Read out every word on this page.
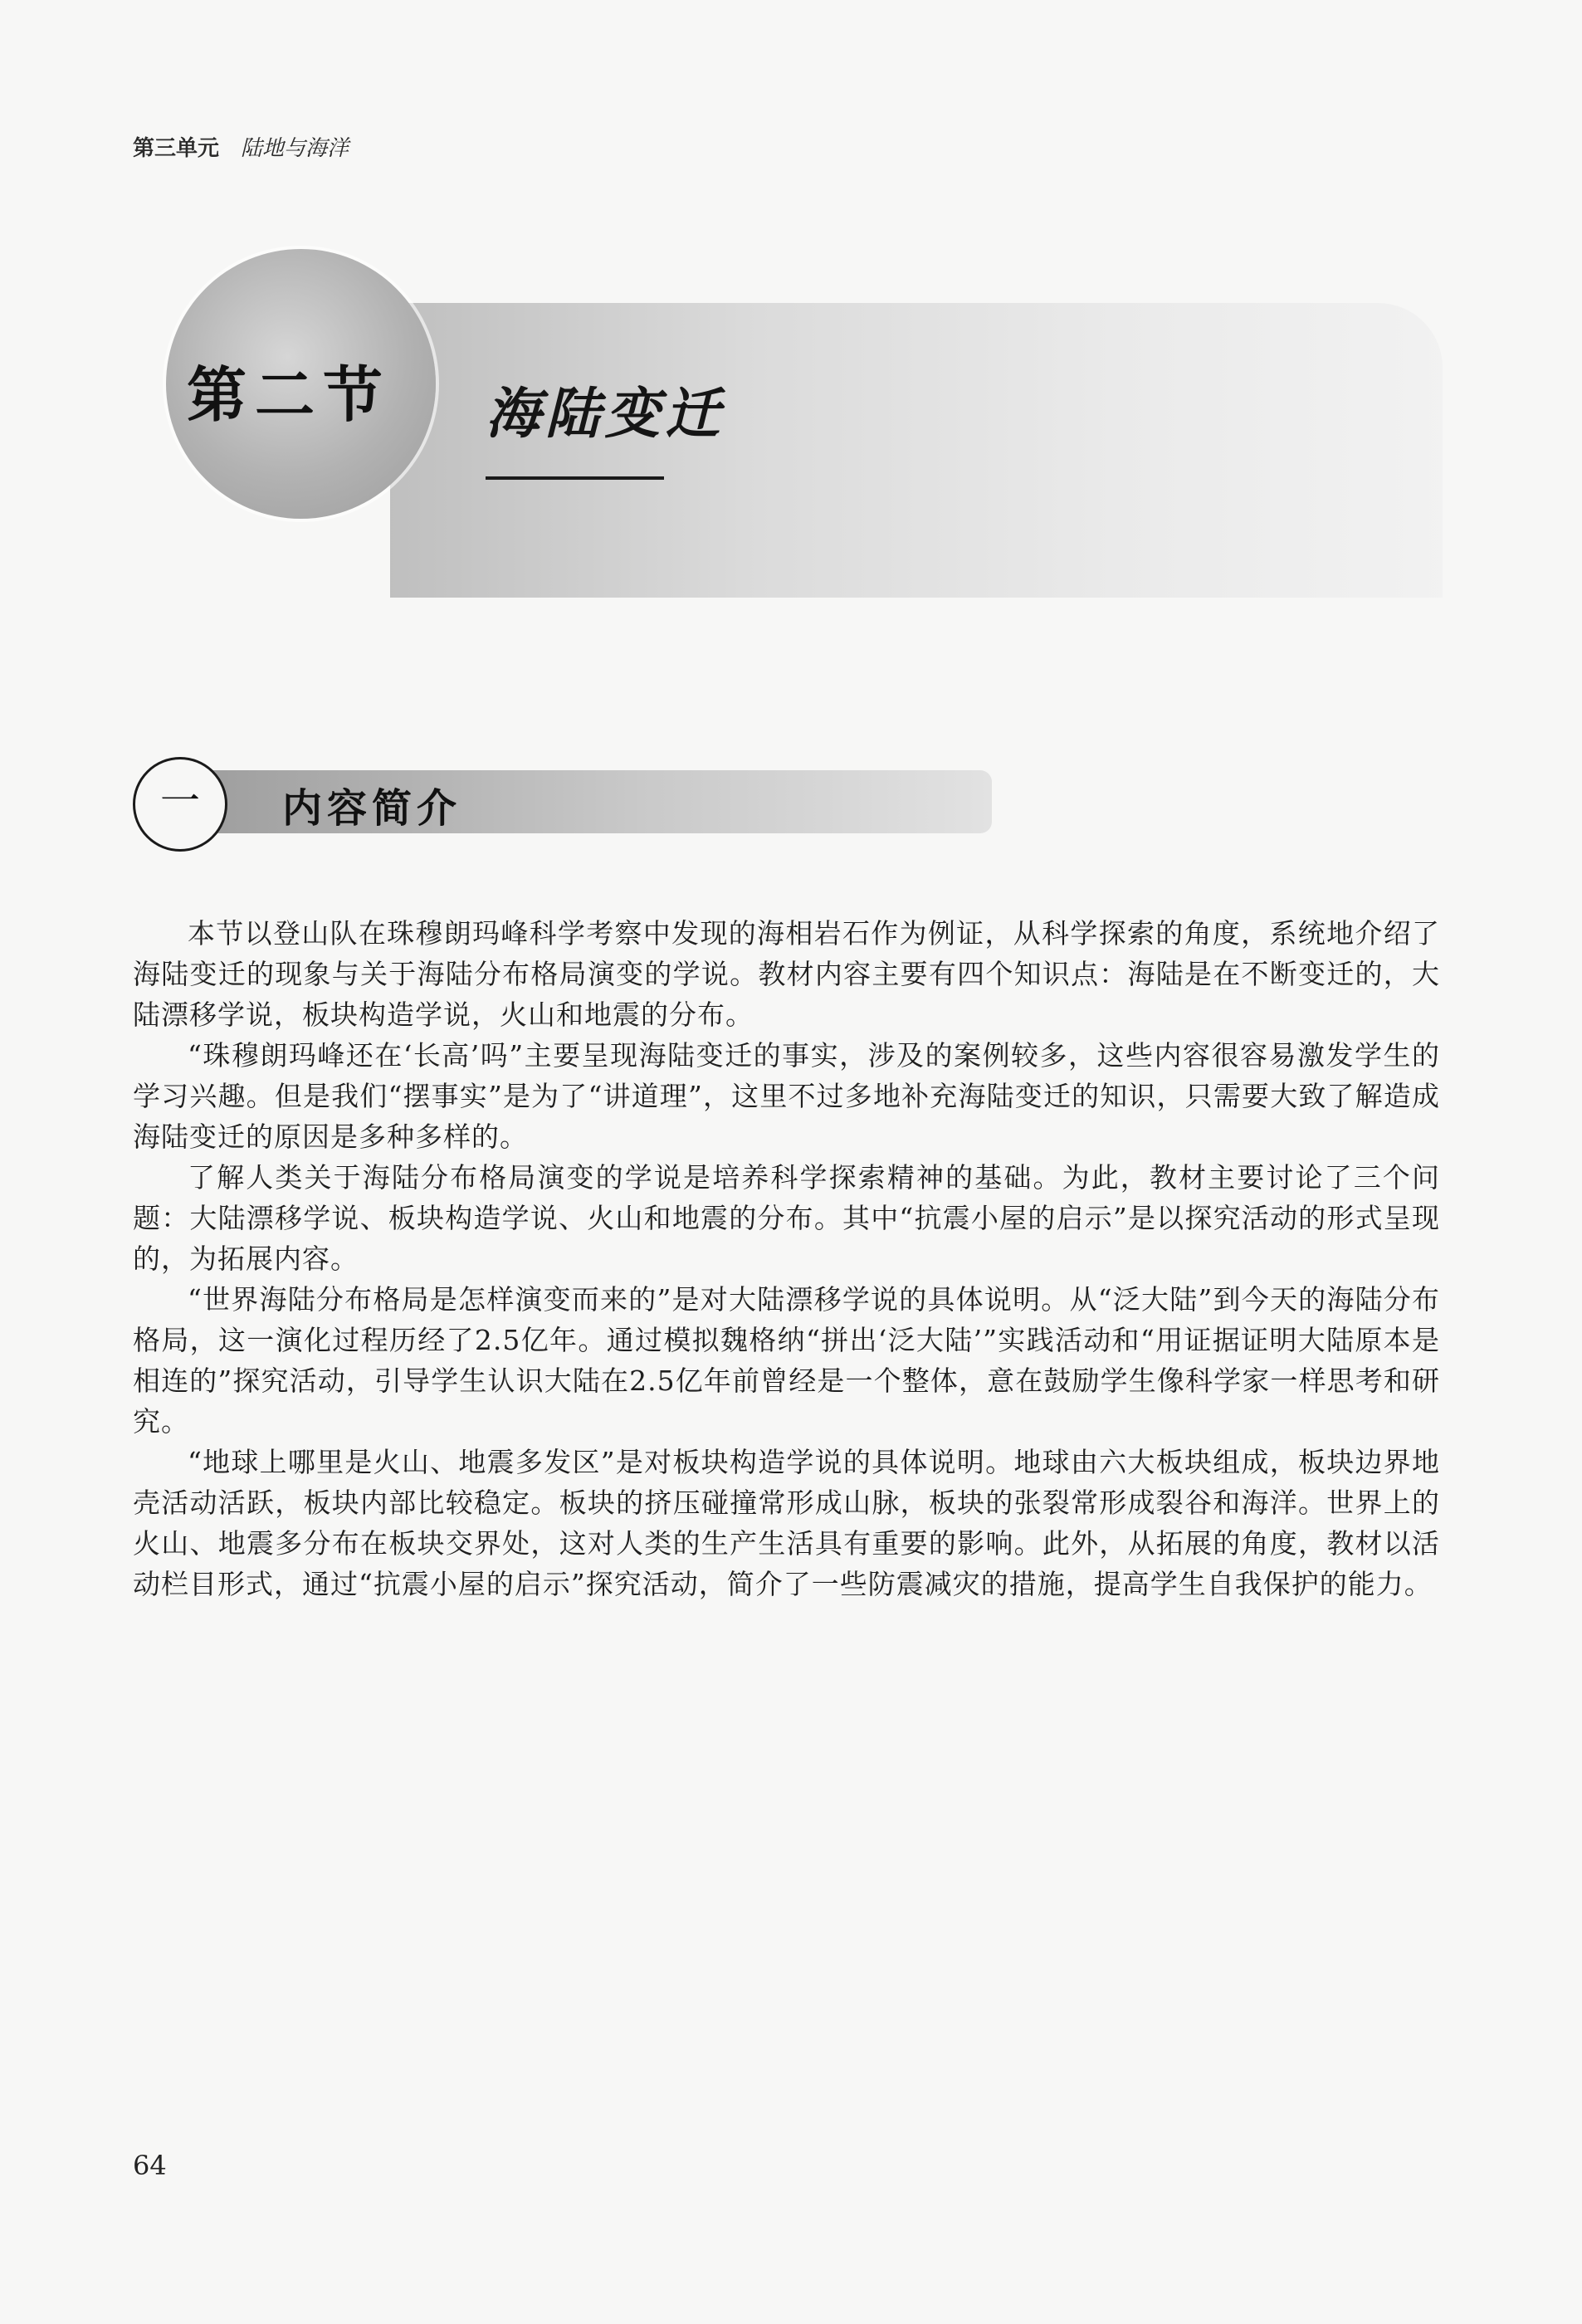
第三单元 陆地与海洋
第二节 海陆变迁
一	内容简介

本节以登山队在珠穆朗玛峰科学考察中发现的海相岩石作为例证，从科学探索的角度，系统地介绍了海陆变迁的现象与关于海陆分布格局演变的学说。教材内容主要有四个知识点：海陆是在不断变迁的，大陆漂移学说，板块构造学说，火山和地震的分布。

“珠穆朗玛峰还在‘长高’吗”主要呈现海陆变迁的事实，涉及的案例较多，这些内容很容易激发学生的学习兴趣。但是我们“摆事实”是为了“讲道理”，这里不过多地补充海陆变迁的知识，只需要大致了解造成海陆变迁的原因是多种多样的。

了解人类关于海陆分布格局演变的学说是培养科学探索精神的基础。为此，教材主要讨论了三个问题：大陆漂移学说、板块构造学说、火山和地震的分布。其中“抗震小屋的启示”是以探究活动的形式呈现的，为拓展内容。

“世界海陆分布格局是怎样演变而来的”是对大陆漂移学说的具体说明。从“泛大陆”到今天的海陆分布格局，这一演化过程历经了2.5亿年。通过模拟魏格纳“拼出‘泛大陆’”实践活动和“用证据证明大陆原本是相连的”探究活动，引导学生认识大陆在2.5亿年前曾经是一个整体，意在鼓励学生像科学家一样思考和研究。

“地球上哪里是火山、地震多发区”是对板块构造学说的具体说明。地球由六大板块组成，板块边界地壳活动活跃，板块内部比较稳定。板块的挤压碰撞常形成山脉，板块的张裂常形成裂谷和海洋。世界上的火山、地震多分布在板块交界处，这对人类的生产生活具有重要的影响。此外，从拓展的角度，教材以活动栏目形式，通过“抗震小屋的启示”探究活动，简介了一些防震减灾的措施，提高学生自我保护的能力。

64
